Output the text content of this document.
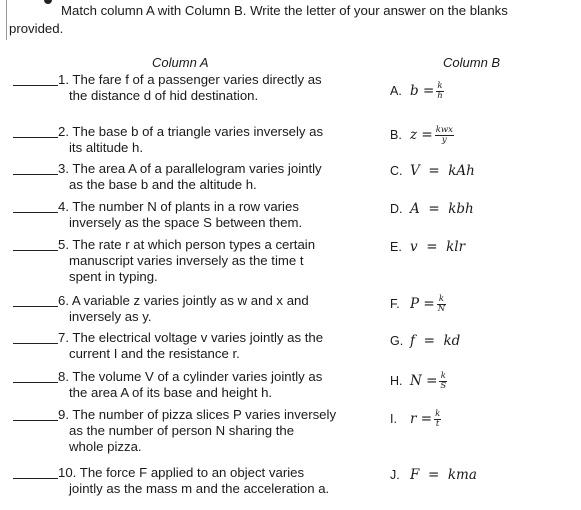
Match column A with Column B. Write the letter of your answer on the blanks
provided.
Column A	Column B
1. The fare f of a passenger varies directly as
the distance d of hid destination.
2. The base b of a triangle varies inversely as
its altitude h.
3. The area A of a parallelogram varies jointly
as the base b and the altitude h.
4. The number N of plants in a row varies
inversely as the space S between them.
5. The rate r at which person types a certain
manuscript varies inversely as the time t
spent in typing.
6. A variable z varies jointly as w and x and
inversely as y.
7. The electrical voltage v varies jointly as the
current I and the resistance r.
8. The volume V of a cylinder varies jointly as
the area A of its base and height h.
9. The number of pizza slices P varies inversely
as the number of person N sharing the
whole pizza.
10. The force F applied to an object varies
jointly as the mass m and the acceleration a.
A. $b = \frac{k}{h}$
B. $z = \frac{\text{kwx}}{y}$
C. V  =  kAh
D. A  =  kbh
E. v  =  klr
F. $P = \frac{k}{N}$
G. f  =  kd
H. $N = \frac{k}{S}$
I. $r = \frac{k}{t}$
J. F  =  kma
